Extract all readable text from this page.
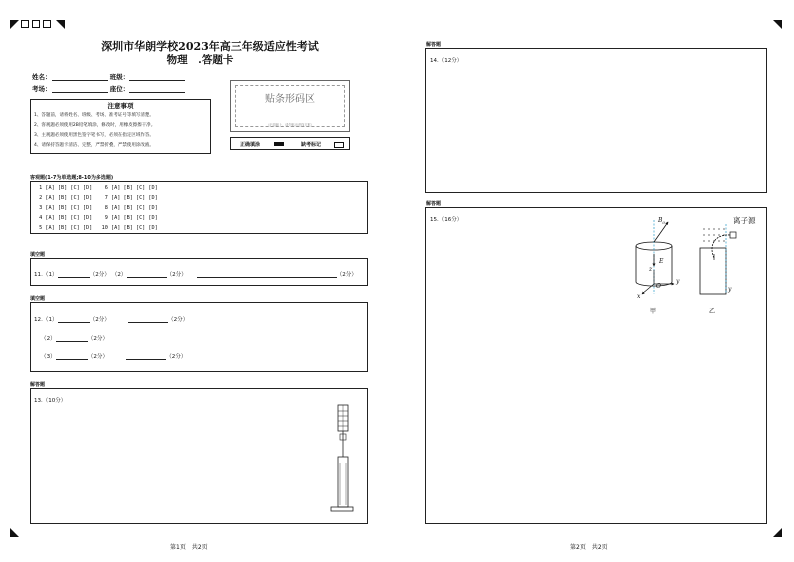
深圳市华朗学校2023年高三年级适应性考试
物理　.答题卡
姓名：	班级：
考场：	座位：
贴条形码区
（正面朝上，请勿贴出虚线方框）
正确填涂	缺考标记
注意事项
1、答题前，请将姓名、班级、考场、准考证号等填写清楚。
2、客观题必须使用2B铅笔填涂，修改时，用橡皮擦擦干净。
3、主观题必须使用黑色签字笔书写，必须在指定区域作答。
4、请保持答题卡清洁、完整，严禁折叠，严禁使用涂改液。
客观题(1-7为单选题;8-10为多选题)
1 [A] [B] [C] [D]    6 [A] [B] [C] [D]
2 [A] [B] [C] [D]    7 [A] [B] [C] [D]
3 [A] [B] [C] [D]    8 [A] [B] [C] [D]
4 [A] [B] [C] [D]    9 [A] [B] [C] [D]
5 [A] [B] [C] [D]   10 [A] [B] [C] [D]
填空题
11.（1）	（2分） （2）	（2分）	（2分）
填空题
12.（1）	（2分）	（2分）
（2）	（2分）
（3）	（2分）	（2分）
解答题
13.（10分）
第1页　共2页
解答题
14.（12分）
解答题
15.（16分）	$B_0$
E
z
O
y
x
甲
离子源
y
乙
第2页　共2页
